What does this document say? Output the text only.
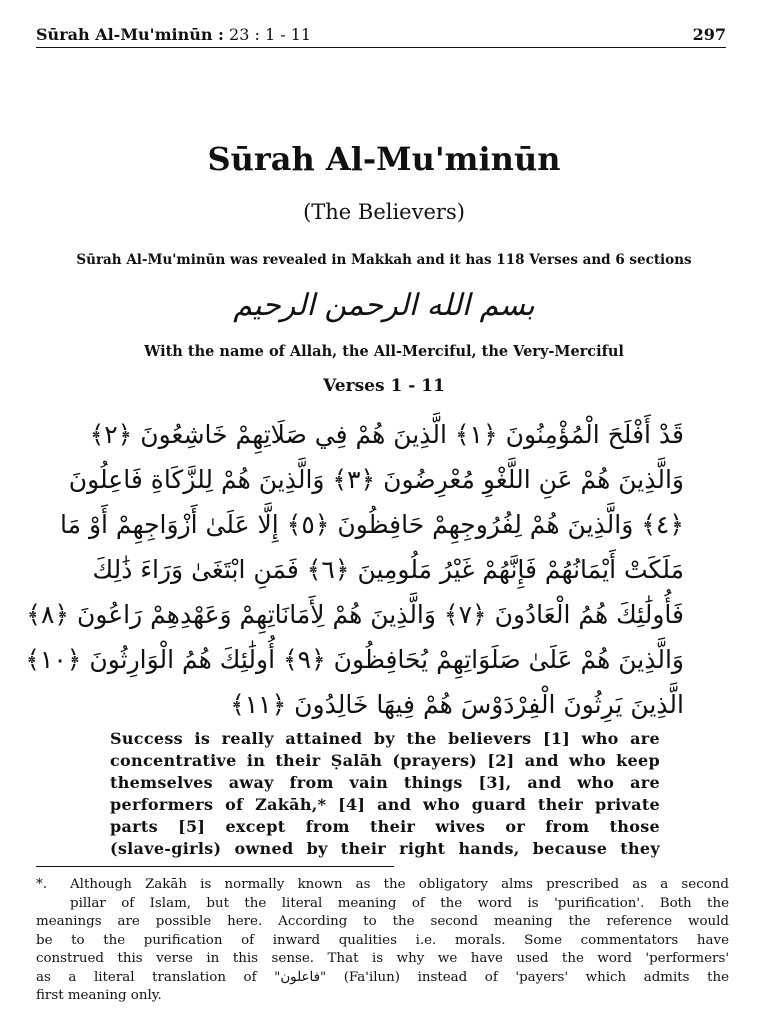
Sūrah Al-Mu'minūn : 23 : 1 - 11	297
Sūrah Al-Mu'minūn
(The Believers)
Sūrah Al-Mu'minūn was revealed in Makkah and it has 118 Verses and 6 sections
بسم الله الرحمن الرحيم
With the name of Allah, the All-Merciful, the Very-Merciful
Verses 1 - 11
قَدْ أَفْلَحَ الْمُؤْمِنُونَ ﴿١﴾ الَّذِينَ هُمْ فِي صَلَاتِهِمْ خَاشِعُونَ ﴿٢﴾
وَالَّذِينَ هُمْ عَنِ اللَّغْوِ مُعْرِضُونَ ﴿٣﴾ وَالَّذِينَ هُمْ لِلزَّكَاةِ فَاعِلُونَ
﴿٤﴾ وَالَّذِينَ هُمْ لِفُرُوجِهِمْ حَافِظُونَ ﴿٥﴾ إِلَّا عَلَىٰ أَزْوَاجِهِمْ أَوْ مَا
مَلَكَتْ أَيْمَانُهُمْ فَإِنَّهُمْ غَيْرُ مَلُومِينَ ﴿٦﴾ فَمَنِ ابْتَغَىٰ وَرَاءَ ذَٰلِكَ
فَأُولَٰئِكَ هُمُ الْعَادُونَ ﴿٧﴾ وَالَّذِينَ هُمْ لِأَمَانَاتِهِمْ وَعَهْدِهِمْ رَاعُونَ ﴿٨﴾
وَالَّذِينَ هُمْ عَلَىٰ صَلَوَاتِهِمْ يُحَافِظُونَ ﴿٩﴾ أُولَٰئِكَ هُمُ الْوَارِثُونَ ﴿١٠﴾
الَّذِينَ يَرِثُونَ الْفِرْدَوْسَ هُمْ فِيهَا خَالِدُونَ ﴿١١﴾
Success is really attained by the believers [1] who are
concentrative in their Ṣalāh (prayers) [2] and who keep
themselves away from vain things [3], and who are
performers of Zakāh,* [4] and who guard their private
parts [5] except from their wives or from those
(slave-girls) owned by their right hands, because they
*.	Although Zakāh is normally known as the obligatory alms prescribed as a second
pillar of Islam, but the literal meaning of the word is 'purification'. Both the
meanings are possible here. According to the second meaning the reference would
be to the purification of inward qualities i.e. morals. Some commentators have
construed this verse in this sense. That is why we have used the word 'performers'
as a literal translation of "فاعلون" (Fa'ilun) instead of 'payers' which admits the
first meaning only.
